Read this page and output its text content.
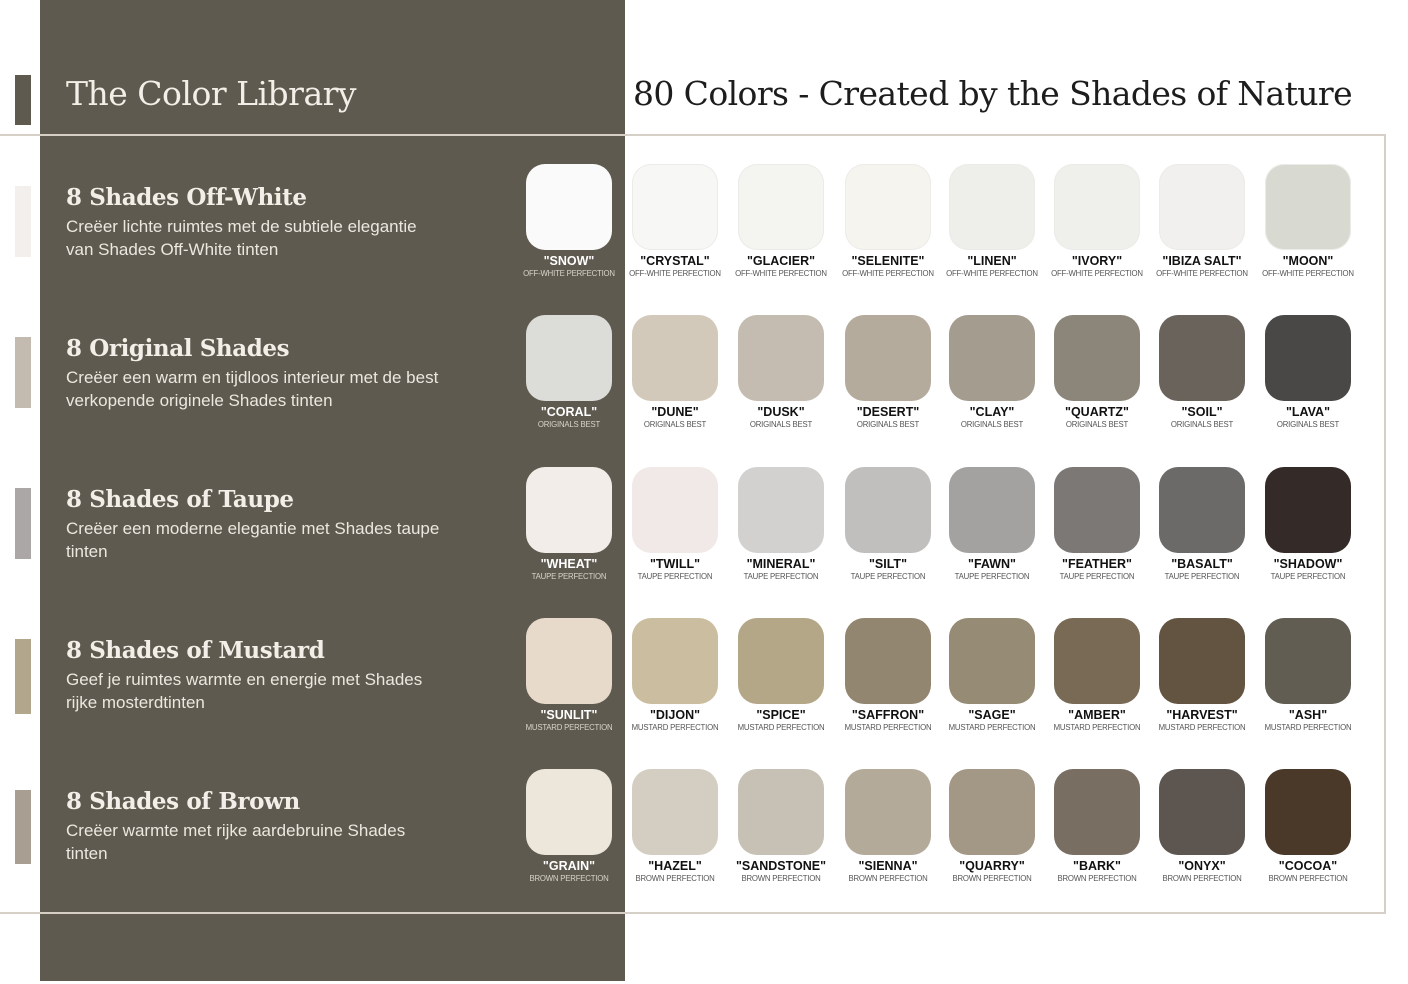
The Color Library	80 Colors - Created by the Shades of Nature
8 Shades Off-White
Creëer lichte ruimtes met de subtiele elegantie van Shades Off-White tinten
8 Original Shades
Creëer een warm en tijdloos interieur met de best verkopende originele Shades tinten
8 Shades of Taupe
Creëer een moderne elegantie met Shades taupe tinten
8 Shades of Mustard
Geef je ruimtes warmte en energie met Shades rijke mosterdtinten
8 Shades of Brown
Creëer warmte met rijke aardebruine Shades tinten
"SNOW"
OFF-WHITE PERFECTION
"CRYSTAL"
OFF-WHITE PERFECTION
"GLACIER"
OFF-WHITE PERFECTION
"SELENITE"
OFF-WHITE PERFECTION
"LINEN"
OFF-WHITE PERFECTION
"IVORY"
OFF-WHITE PERFECTION
"IBIZA SALT"
OFF-WHITE PERFECTION
"MOON"
OFF-WHITE PERFECTION
"CORAL"
ORIGINALS BEST
"DUNE"
ORIGINALS BEST
"DUSK"
ORIGINALS BEST
"DESERT"
ORIGINALS BEST
"CLAY"
ORIGINALS BEST
"QUARTZ"
ORIGINALS BEST
"SOIL"
ORIGINALS BEST
"LAVA"
ORIGINALS BEST
"WHEAT"
TAUPE PERFECTION
"TWILL"
TAUPE PERFECTION
"MINERAL"
TAUPE PERFECTION
"SILT"
TAUPE PERFECTION
"FAWN"
TAUPE PERFECTION
"FEATHER"
TAUPE PERFECTION
"BASALT"
TAUPE PERFECTION
"SHADOW"
TAUPE PERFECTION
"SUNLIT"
MUSTARD PERFECTION
"DIJON"
MUSTARD PERFECTION
"SPICE"
MUSTARD PERFECTION
"SAFFRON"
MUSTARD PERFECTION
"SAGE"
MUSTARD PERFECTION
"AMBER"
MUSTARD PERFECTION
"HARVEST"
MUSTARD PERFECTION
"ASH"
MUSTARD PERFECTION
"GRAIN"
BROWN PERFECTION
"HAZEL"
BROWN PERFECTION
"SANDSTONE"
BROWN PERFECTION
"SIENNA"
BROWN PERFECTION
"QUARRY"
BROWN PERFECTION
"BARK"
BROWN PERFECTION
"ONYX"
BROWN PERFECTION
"COCOA"
BROWN PERFECTION
